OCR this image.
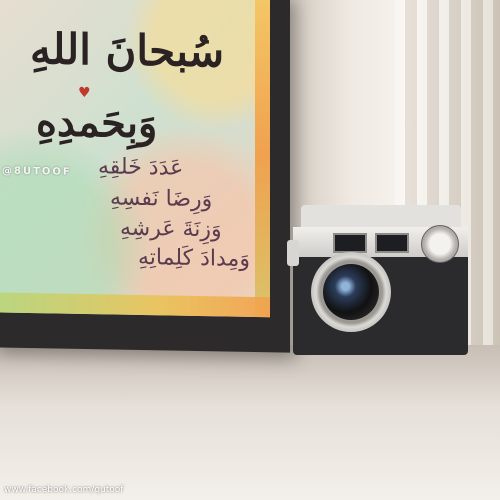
♥
سُبحانَ اللهِ
وَبِحَمدِهِ
عَدَدَ خَلقِهِ
وَرِضَا نَفسِهِ
وَزِنَةَ عَرشِهِ
وَمِدادَ كَلِماتِهِ
@8UTOOF
www.facebook.com/qutoof
